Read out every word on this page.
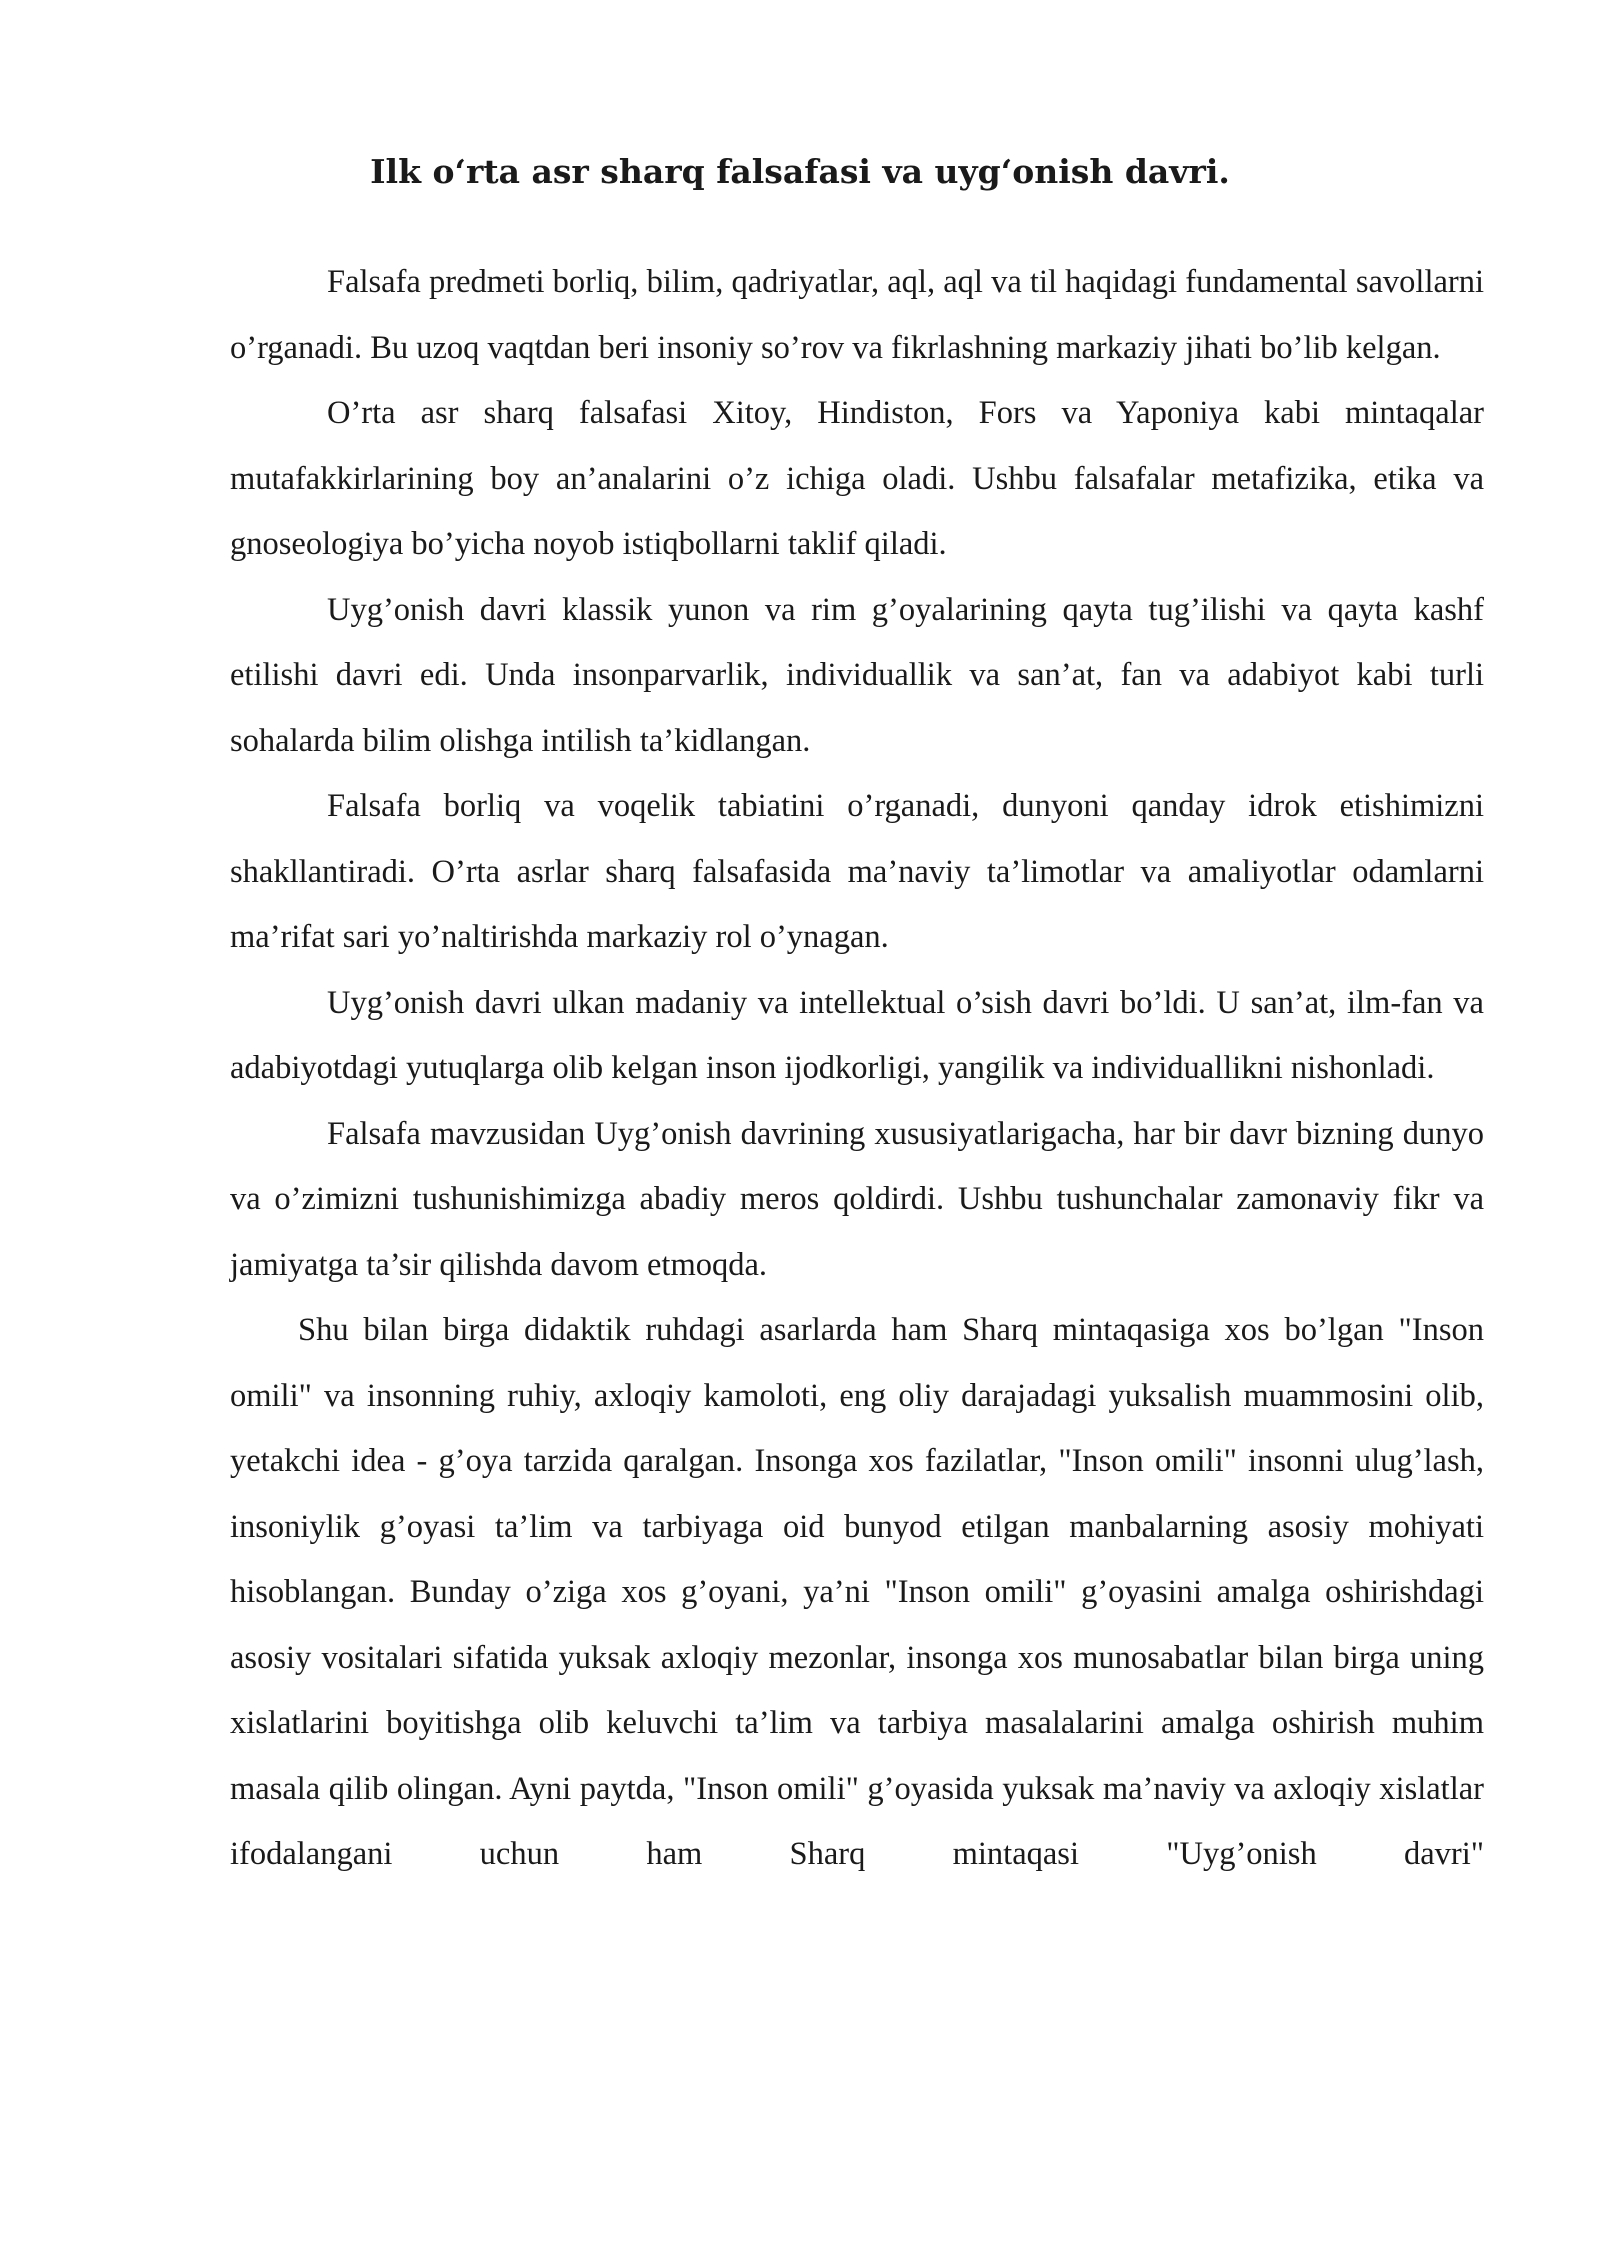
Ilk oʻrta asr sharq falsafasi va uygʻonish davri.

Falsafa predmeti borliq, bilim, qadriyatlar, aql, aql va til haqidagi fundamental savollarni o’rganadi. Bu uzoq vaqtdan beri insoniy so’rov va fikrlashning markaziy jihati bo’lib kelgan.

O’rta asr sharq falsafasi Xitoy, Hindiston, Fors va Yaponiya kabi mintaqalar mutafakkirlarining boy an’analarini o’z ichiga oladi. Ushbu falsafalar metafizika, etika va gnoseologiya bo’yicha noyob istiqbollarni taklif qiladi.

Uyg’onish davri klassik yunon va rim g’oyalarining qayta tug’ilishi va qayta kashf etilishi davri edi. Unda insonparvarlik, individuallik va san’at, fan va adabiyot kabi turli sohalarda bilim olishga intilish ta’kidlangan.

Falsafa borliq va voqelik tabiatini o’rganadi, dunyoni qanday idrok etishimizni shakllantiradi. O’rta asrlar sharq falsafasida ma’naviy ta’limotlar va amaliyotlar odamlarni ma’rifat sari yo’naltirishda markaziy rol o’ynagan.

Uyg’onish davri ulkan madaniy va intellektual o’sish davri bo’ldi. U san’at, ilm-fan va adabiyotdagi yutuqlarga olib kelgan inson ijodkorligi, yangilik va individuallikni nishonladi.

Falsafa mavzusidan Uyg’onish davrining xususiyatlarigacha, har bir davr bizning dunyo va o’zimizni tushunishimizga abadiy meros qoldirdi. Ushbu tushunchalar zamonaviy fikr va jamiyatga ta’sir qilishda davom etmoqda.

Shu bilan birga didaktik ruhdagi asarlarda ham Sharq mintaqasiga xos bo’lgan "Inson omili" va insonning ruhiy, axloqiy kamoloti, eng oliy darajadagi yuksalish muammosini olib, yetakchi idea - g’oya tarzida qaralgan. Insonga xos fazilatlar, "Inson omili" insonni ulug’lash, insoniylik g’oyasi ta’lim va tarbiyaga oid bunyod etilgan manbalarning asosiy mohiyati hisoblangan. Bunday o’ziga xos g’oyani, ya’ni "Inson omili" g’oyasini amalga oshirishdagi asosiy vositalari sifatida yuksak axloqiy mezonlar, insonga xos munosabatlar bilan birga uning xislatlarini boyitishga olib keluvchi ta’lim va tarbiya masalalarini amalga oshirish muhim masala qilib olingan. Ayni paytda, "Inson omili" g’oyasida yuksak ma’naviy va axloqiy xislatlar ifodalangani uchun ham Sharq mintaqasi "Uyg’onish davri"
